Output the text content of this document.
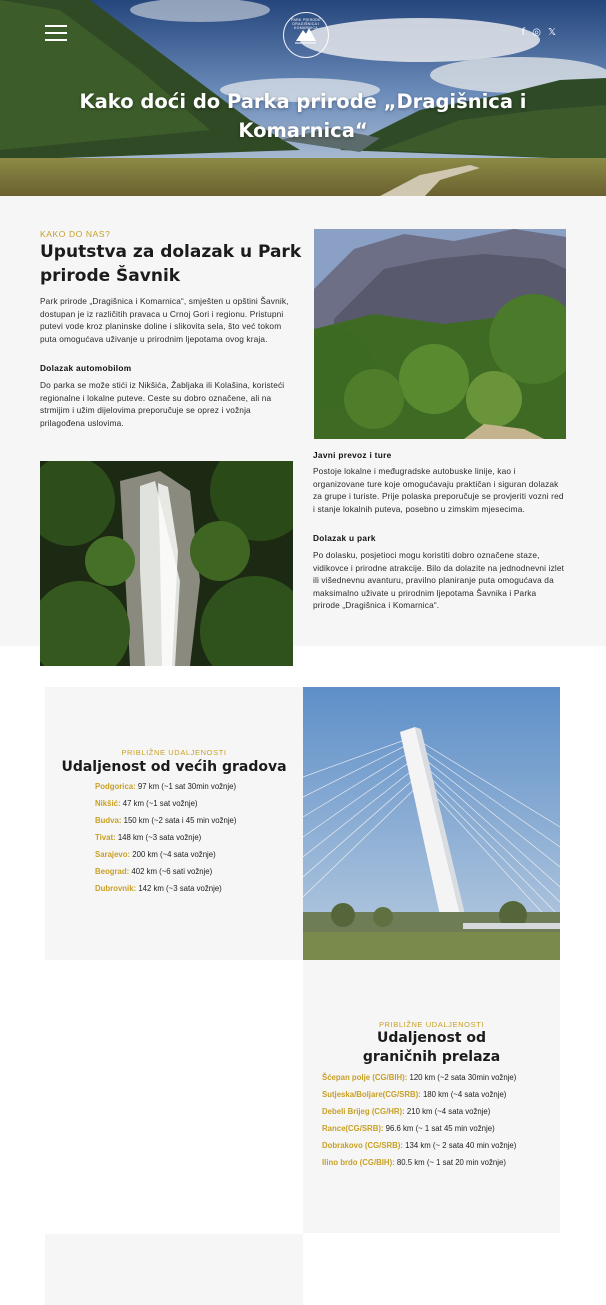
PARK PRIRODE DRAGIŠNICA I KOMARNICA	f ◎ 𝕏
Kako doći do Parka prirode „Dragišnica i Komarnica“
KAKO DO NAS?
Uputstva za dolazak u Park prirode Šavnik

Park prirode „Dragišnica i Komarnica“, smješten u opštini Šavnik, dostupan je iz različitih pravaca u Crnoj Gori i regionu. Pristupni putevi vode kroz planinske doline i slikovita sela, što već tokom puta omogućava uživanje u prirodnim ljepotama ovog kraja.

Dolazak automobilom

Do parka se može stići iz Nikšića, Žabljaka ili Kolašina, koristeći regionalne i lokalne puteve. Ceste su dobro označene, ali na strmijim i užim dijelovima preporučuje se oprez i vožnja prilagođena uslovima.

Javni prevoz i ture

Postoje lokalne i međugradske autobuske linije, kao i organizovane ture koje omogućavaju praktičan i siguran dolazak za grupe i turiste. Prije polaska preporučuje se provjeriti vozni red i stanje lokalnih puteva, posebno u zimskim mjesecima.

Dolazak u park

Po dolasku, posjetioci mogu koristiti dobro označene staze, vidikovce i prirodne atrakcije. Bilo da dolazite na jednodnevni izlet ili višednevnu avanturu, pravilno planiranje puta omogućava da maksimalno uživate u prirodnim ljepotama Šavnika i Parka prirode „Dragišnica i Komarnica“.

PRIBLIŽNE UDALJENOSTI
Udaljenost od većih gradova
Podgorica: 97 km (~1 sat 30min vožnje)
Nikšić: 47 km (~1 sat vožnje)
Budva: 150 km (~2 sata i 45 min vožnje)
Tivat: 148 km (~3 sata vožnje)
Sarajevo: 200 km (~4 sata vožnje)
Beograd: 402 km (~6 sati vožnje)
Dubrovnik: 142 km (~3 sata vožnje)
PRIBLIŽNE UDALJENOSTI
Udaljenost od graničnih prelaza
Šćepan polje (CG/BIH): 120 km (~2 sata 30min vožnje)
Sutjeska/Boljare(CG/SRB): 180 km (~4 sata vožnje)
Debeli Brijeg (CG/HR): 210 km (~4 sata vožnje)
Rance(CG/SRB): 96.6 km (~ 1 sat 45 min vožnje)
Dobrakovo (CG/SRB): 134 km (~ 2 sata 40 min vožnje)
Ilino brdo (CG/BIH): 80.5 km (~ 1 sat 20 min vožnje)
